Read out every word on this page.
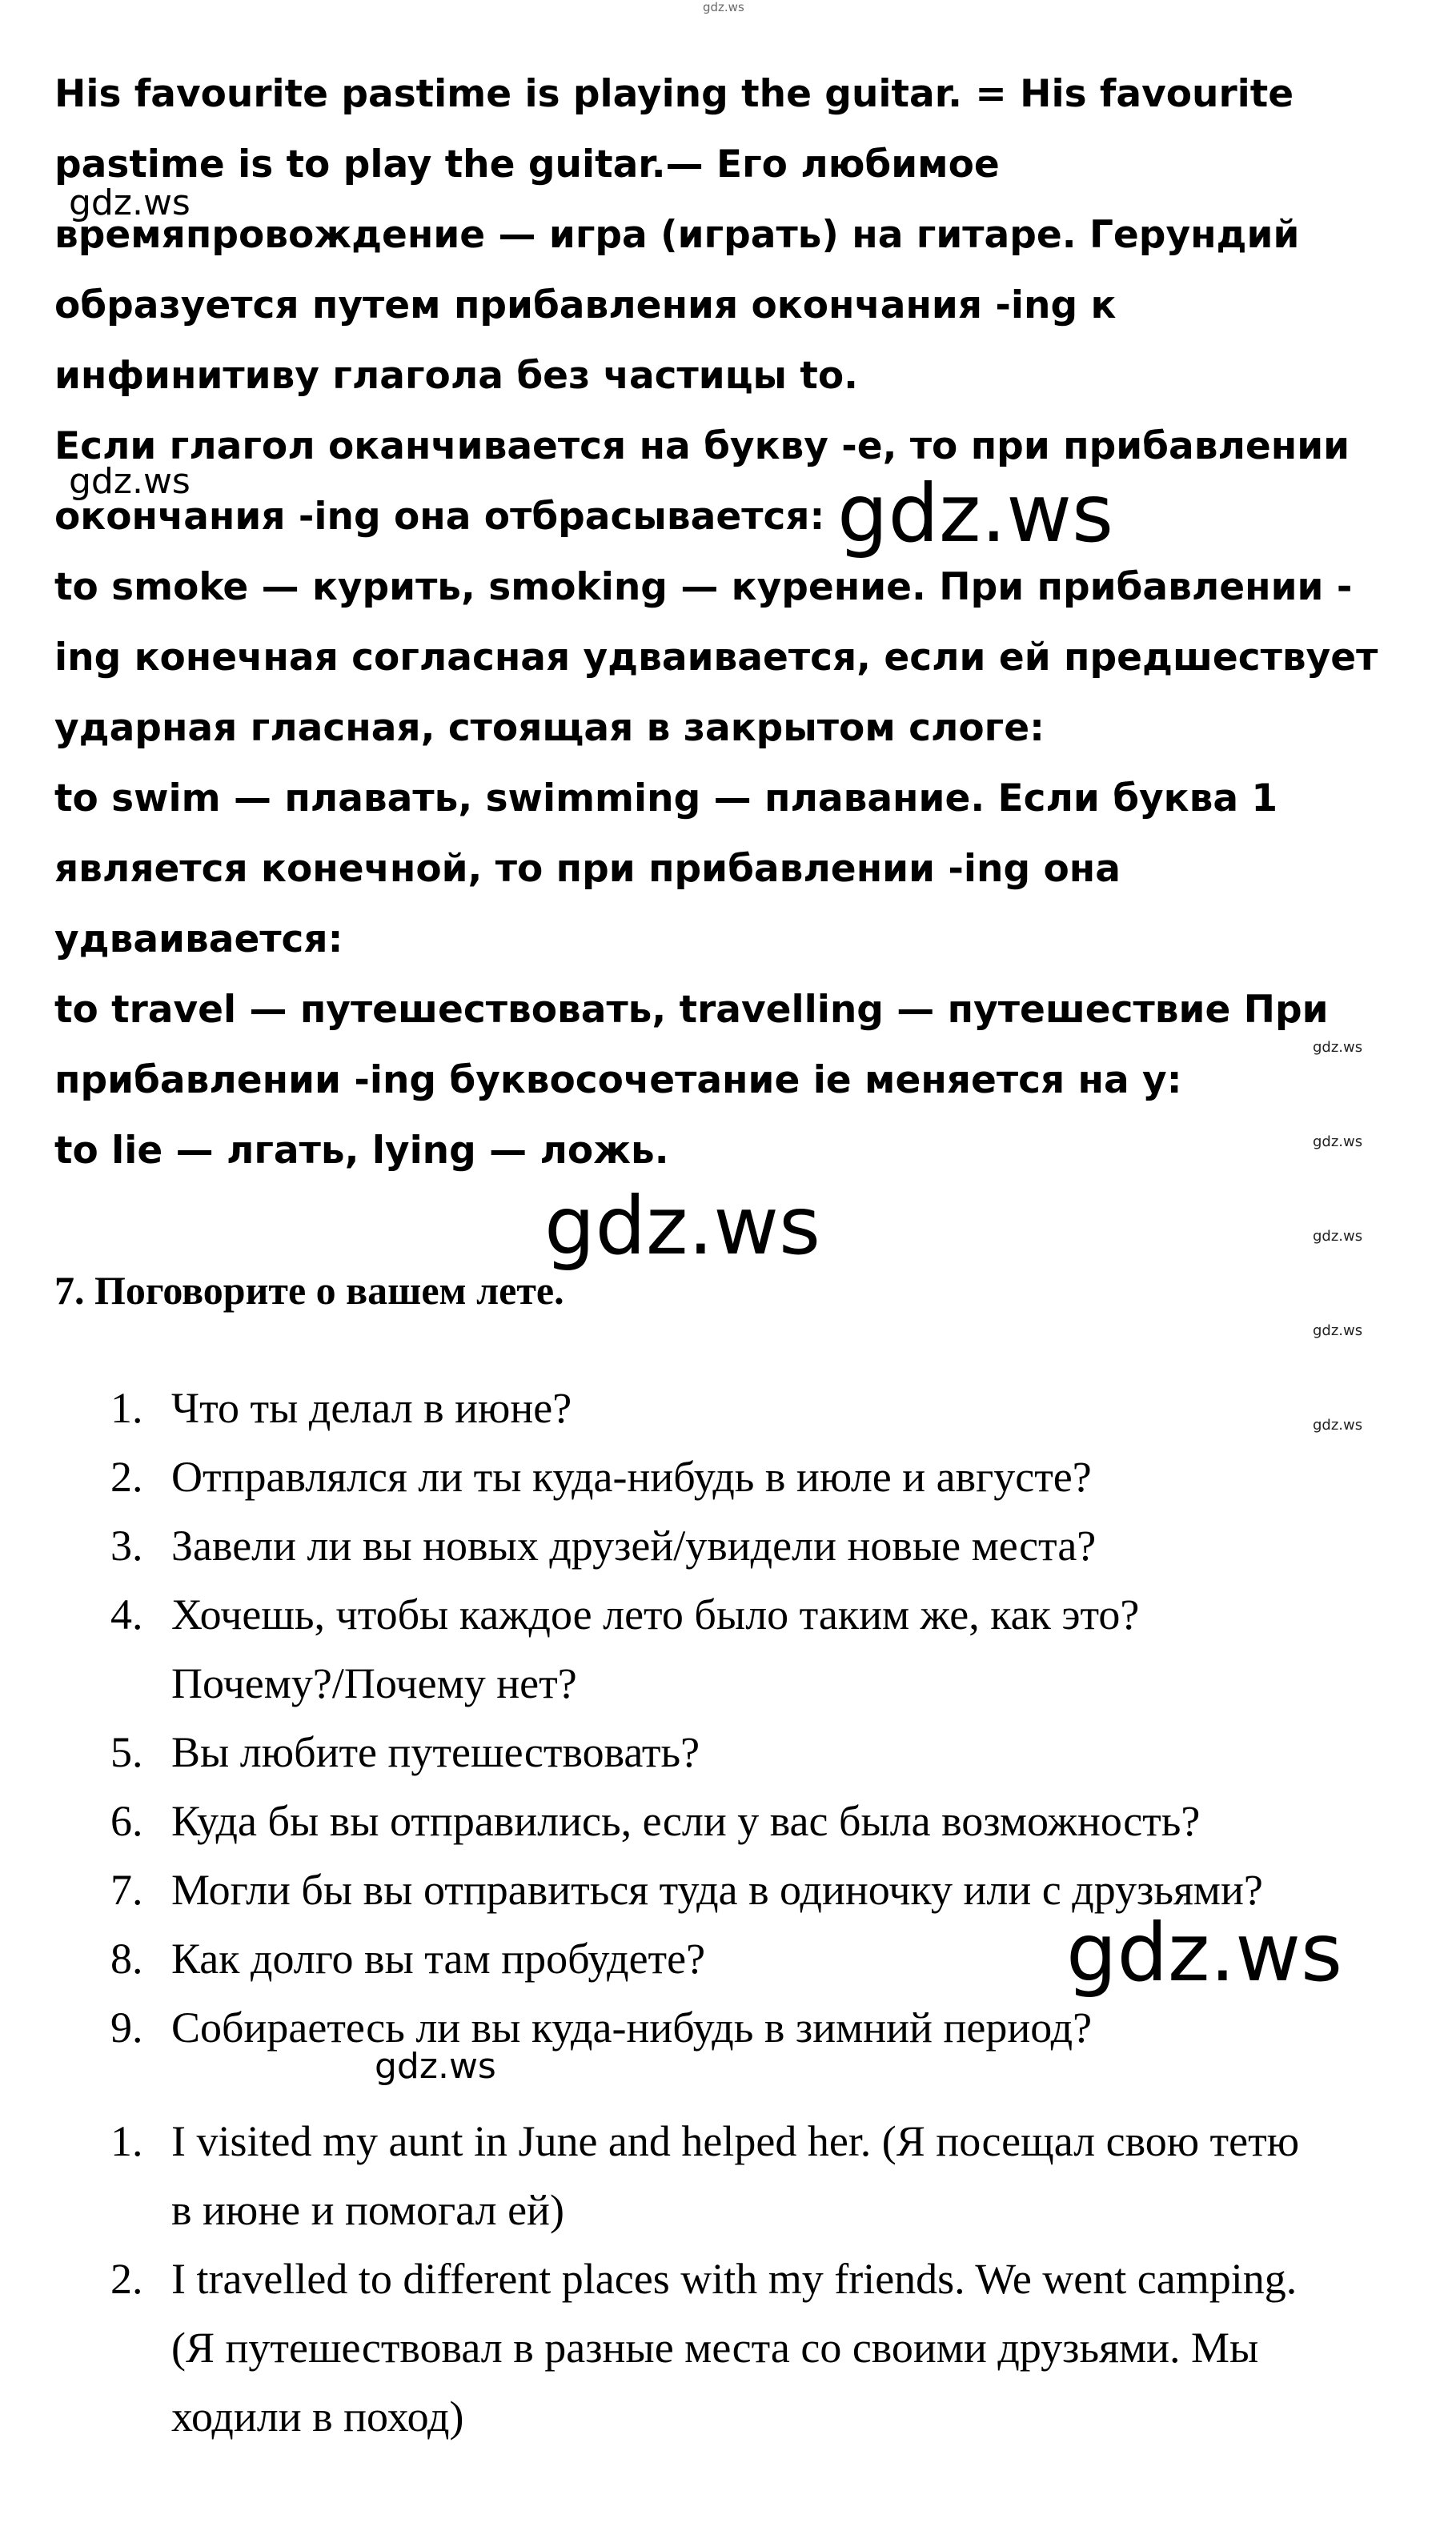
gdz.ws

His favourite pastime is playing the guitar. = His favourite

pastime is to play the guitar.— Его любимое

времяпровождение — игра (играть) на гитаре. Герундий

образуется путем прибавления окончания -ing к

инфинитиву глагола без частицы to.

Если глагол оканчивается на букву -е, то при прибавлении

окончания -ing она отбрасывается:

to smoke — курить, smoking — курение. При прибавлении -

ing конечная согласная удваивается, если ей предшествует

ударная гласная, стоящая в закрытом слоге:

to swim — плавать, swimming — плавание. Если буква 1

является конечной, то при прибавлении -ing она

удваивается:

to travel — путешествовать, travelling — путешествие При

прибавлении -ing буквосочетание ie меняется на у:

to lie — лгать, lying — ложь.

7. Поговорите о вашем лете.
1. Что ты делал в июне?
2. Отправлялся ли ты куда-нибудь в июле и августе?
3. Завели ли вы новых друзей/увидели новые места?
4. Хочешь, чтобы каждое лето было таким же, как это?
Почему?/Почему нет?
5. Вы любите путешествовать?
6. Куда бы вы отправились, если у вас была возможность?
7. Могли бы вы отправиться туда в одиночку или с друзьями?
8. Как долго вы там пробудете?
9. Собираетесь ли вы куда-нибудь в зимний период?
1. I visited my aunt in June and helped her. (Я посещал свою тетю
в июне и помогал ей)
2. I travelled to different places with my friends. We went camping.
(Я путешествовал в разные места со своими друзьями. Мы
ходили в поход)
gdz.ws
gdz.ws	gdz.ws
gdz.ws
gdz.ws
gdz.ws
gdz.ws
gdz.ws
gdz.ws
gdz.ws
gdz.ws
